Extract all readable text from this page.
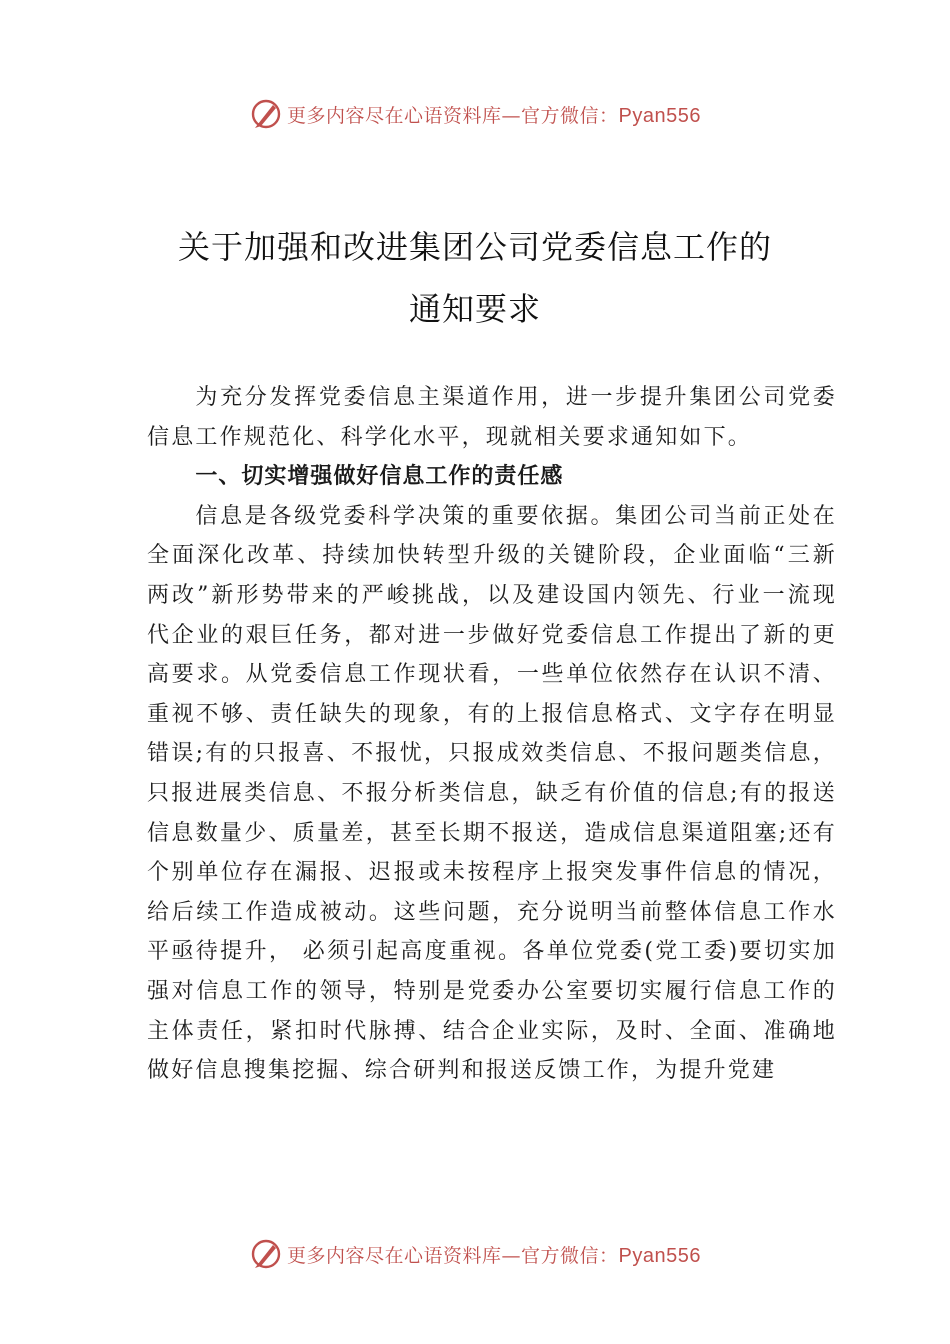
更多内容尽在心语资料库—官方微信：Pyan556
关于加强和改进集团公司党委信息工作的
通知要求

为充分发挥党委信息主渠道作用，进一步提升集团公司党委信息工作规范化、科学化水平，现就相关要求通知如下。

一、切实增强做好信息工作的责任感

信息是各级党委科学决策的重要依据。集团公司当前正处在全面深化改革、持续加快转型升级的关键阶段，企业面临“三新两改”新形势带来的严峻挑战，以及建设国内领先、行业一流现代企业的艰巨任务，都对进一步做好党委信息工作提出了新的更高要求。从党委信息工作现状看，一些单位依然存在认识不清、重视不够、责任缺失的现象，有的上报信息格式、文字存在明显错误;有的只报喜、不报忧，只报成效类信息、不报问题类信息，只报进展类信息、不报分析类信息，缺乏有价值的信息;有的报送信息数量少、质量差，甚至长期不报送，造成信息渠道阻塞;还有个别单位存在漏报、迟报或未按程序上报突发事件信息的情况，给后续工作造成被动。这些问题，充分说明当前整体信息工作水平亟待提升， 必须引起高度重视。各单位党委(党工委)要切实加强对信息工作的领导，特别是党委办公室要切实履行信息工作的主体责任，紧扣时代脉搏、结合企业实际，及时、全面、准确地做好信息搜集挖掘、综合研判和报送反馈工作，为提升党建

更多内容尽在心语资料库—官方微信：Pyan556
